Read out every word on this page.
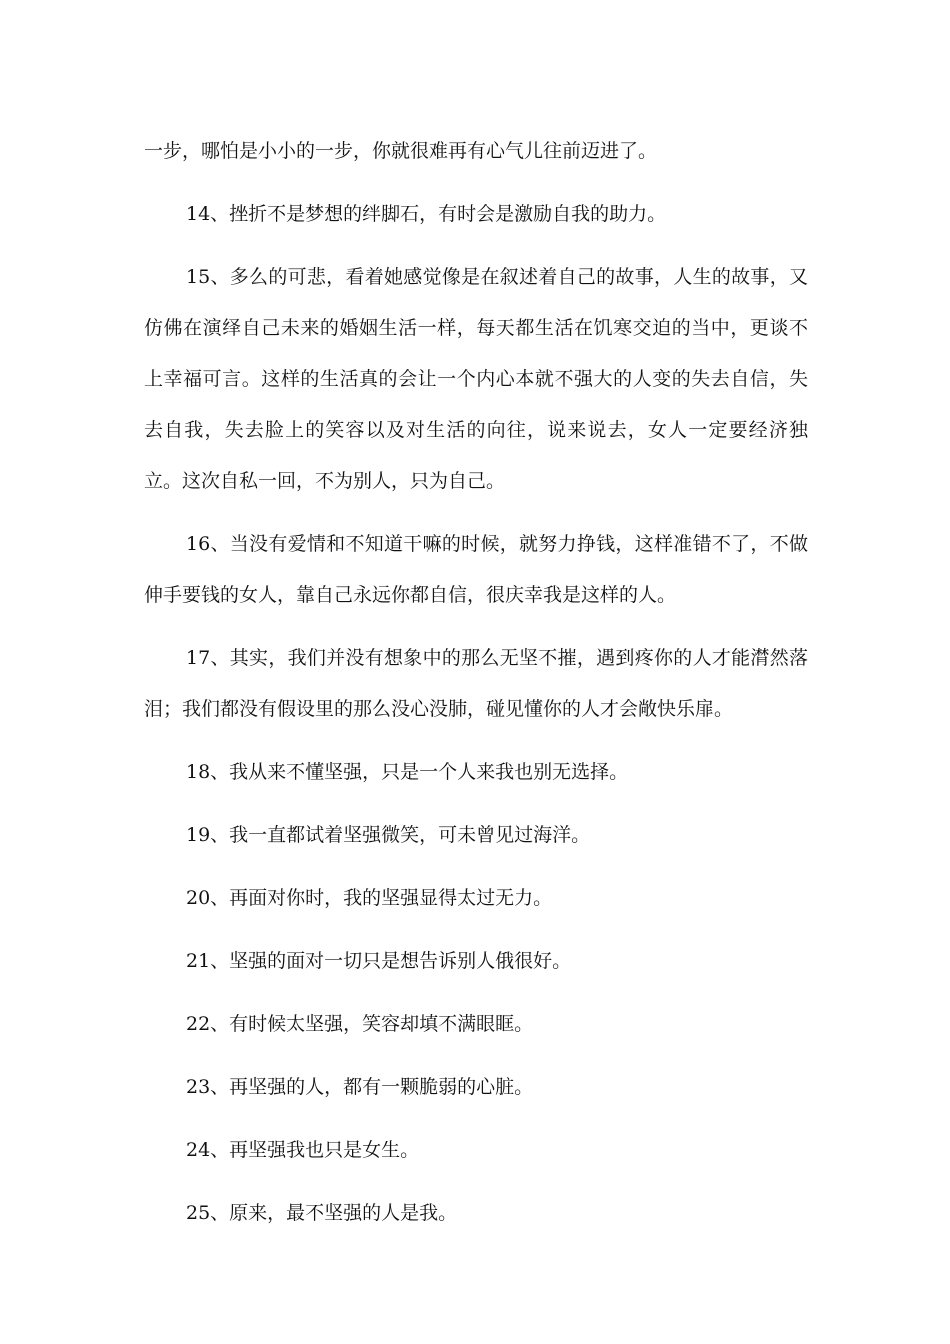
一步，哪怕是小小的一步，你就很难再有心气儿往前迈进了。

14、挫折不是梦想的绊脚石，有时会是激励自我的助力。

15、多么的可悲，看着她感觉像是在叙述着自己的故事，人生的故事，又仿佛在演绎自己未来的婚姻生活一样，每天都生活在饥寒交迫的当中，更谈不上幸福可言。这样的生活真的会让一个内心本就不强大的人变的失去自信，失去自我，失去脸上的笑容以及对生活的向往，说来说去，女人一定要经济独立。这次自私一回，不为别人，只为自己。

16、当没有爱情和不知道干嘛的时候，就努力挣钱，这样准错不了，不做伸手要钱的女人，靠自己永远你都自信，很庆幸我是这样的人。

17、其实，我们并没有想象中的那么无坚不摧，遇到疼你的人才能潸然落泪；我们都没有假设里的那么没心没肺，碰见懂你的人才会敞快乐扉。

18、我从来不懂坚强，只是一个人来我也别无选择。

19、我一直都试着坚强微笑，可未曾见过海洋。

20、再面对你时，我的坚强显得太过无力。

21、坚强的面对一切只是想告诉别人俄很好。

22、有时候太坚强，笑容却填不满眼眶。

23、再坚强的人，都有一颗脆弱的心脏。

24、再坚强我也只是女生。

25、原来，最不坚强的人是我。
